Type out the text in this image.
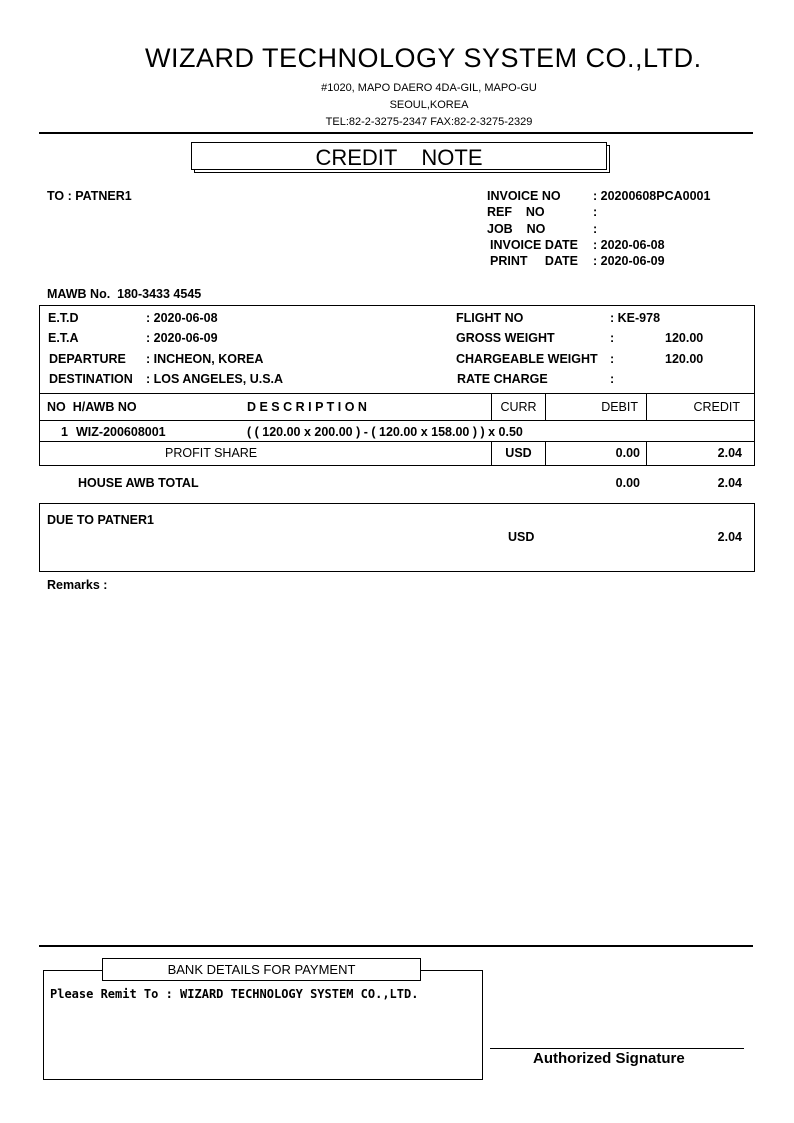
WIZARD TECHNOLOGY SYSTEM CO.,LTD.
#1020, MAPO DAERO 4DA-GIL, MAPO-GU
SEOUL,KOREA
TEL:82-2-3275-2347 FAX:82-2-3275-2329
CREDIT    NOTE
TO : PATNER1	INVOICE NO	: 20200608PCA0001
REF    NO	:
JOB    NO	:
INVOICE DATE : 2020-06-08
PRINT     DATE : 2020-06-09
MAWB No.  180-3433 4545
E.T.D	: 2020-06-08
E.T.A	: 2020-06-09
DEPARTURE : INCHEON, KOREA
DESTINATION : LOS ANGELES, U.S.A
FLIGHT NO	: KE-978
GROSS WEIGHT	:	120.00
CHARGEABLE WEIGHT :	120.00
RATE CHARGE	:
NO  H/AWB NO	D E S C R I P T I O N	CURR	DEBIT	CREDIT
1 WIZ-200608001	( ( 120.00 x 200.00 ) - ( 120.00 x 158.00 ) ) x 0.50
PROFIT SHARE	USD	0.00	2.04
HOUSE AWB TOTAL	0.00	2.04
DUE TO PATNER1
USD	2.04
Remarks :
BANK DETAILS FOR PAYMENT
Please Remit To : WIZARD TECHNOLOGY SYSTEM CO.,LTD.
Authorized Signature
